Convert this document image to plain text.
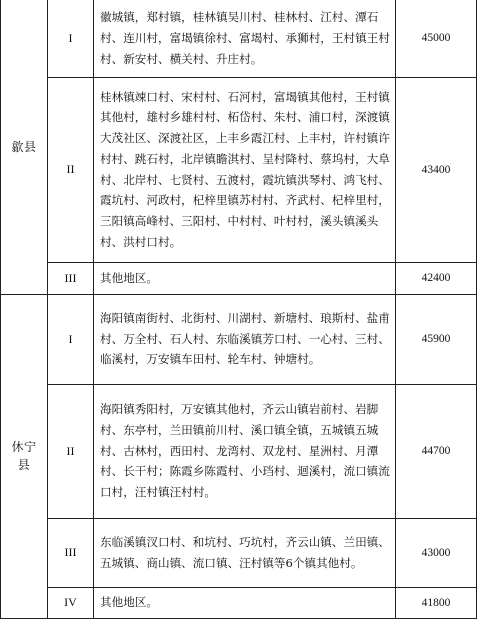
歙县	I	徽城镇，郑村镇，桂林镇吴川村、桂林村、江村、潭石村、连川村，富堨镇徐村、富堨村、承狮村，王村镇王村村、新安村、横关村、升庄村。	45000
	II	桂林镇竦口村、宋村村、石河村，富堨镇其他村，王村镇其他村，雄村乡雄村村、柘岱村、朱村、浦口村，深渡镇大茂社区、深渡社区，上丰乡霞江村、上丰村，许村镇许村村、跳石村，北岸镇瞻淇村、呈村降村、蔡坞村，大阜村、北岸村、七贤村、五渡村，霞坑镇洪琴村、鸿飞村、霞坑村、河政村，杞梓里镇苏村村、齐武村、杞梓里村，三阳镇高峰村、三阳村、中村村、叶村村，溪头镇溪头村、洪村口村。	43400
	III	其他地区。	42400
休宁县	I	海阳镇南街村、北街村、川湖村、新塘村、琅斯村、盐甫村、万全村、石人村、东临溪镇芳口村、一心村、三村、临溪村，万安镇车田村、轮车村、钟塘村。	45900
	II	海阳镇秀阳村，万安镇其他村，齐云山镇岩前村、岩脚村、东亭村，兰田镇前川村、溪口镇全镇，五城镇五城村、古林村，西田村、龙湾村、双龙村、星洲村、月潭村、长干村；陈霞乡陈霞村、小珰村、迴溪村，流口镇流口村，汪村镇汪村村。	44700
	III	东临溪镇汊口村、和坑村、巧坑村，齐云山镇、兰田镇、五城镇、商山镇、流口镇、汪村镇等6个镇其他村。	43000
	IV	其他地区。	41800
